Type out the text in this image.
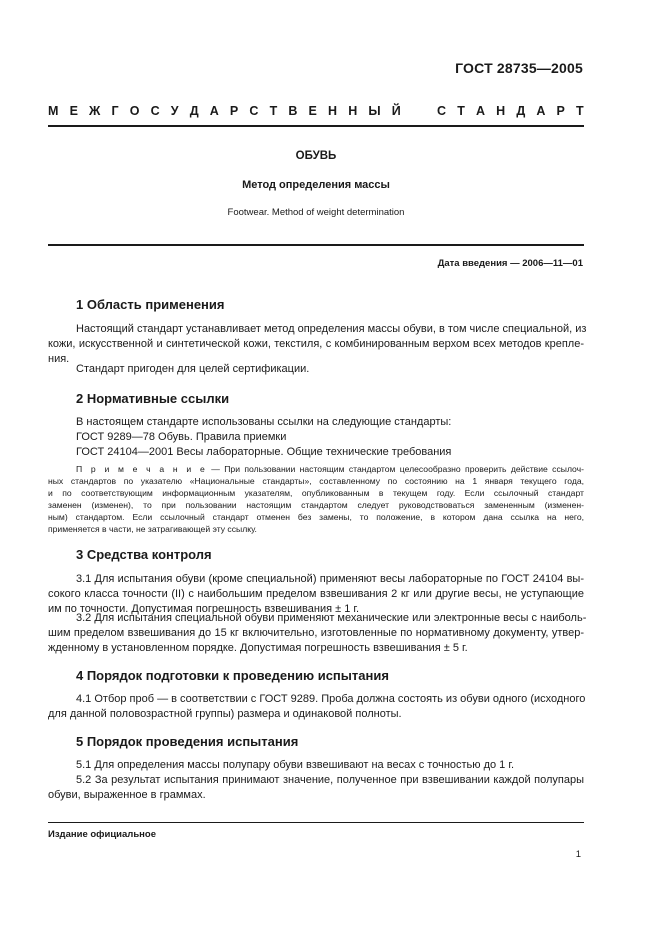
ГОСТ 28735—2005
М Е Ж Г О С У Д А Р С Т В Е Н Н Ы Й	С Т А Н Д А Р Т
ОБУВЬ
Метод определения массы
Footwear. Method of weight determination
Дата введения — 2006—11—01
1 Область применения
Настоящий стандарт устанавливает метод определения массы обуви, в том числе специальной, из
кожи, искусственной и синтетической кожи, текстиля, с комбинированным верхом всех методов крепле-
ния.
Стандарт пригоден для целей сертификации.
2 Нормативные ссылки
В настоящем стандарте использованы ссылки на следующие стандарты:
ГОСТ 9289—78 Обувь. Правила приемки
ГОСТ 24104—2001 Весы лабораторные. Общие технические требования
П р и м е ч а н и е — При пользовании настоящим стандартом целесообразно проверить действие ссылоч-
ных стандартов по указателю «Национальные стандарты», составленному по состоянию на 1 января текущего года,
и по соответствующим информационным указателям, опубликованным в текущем году. Если ссылочный стандарт
заменен (изменен), то при пользовании настоящим стандартом следует руководствоваться замененным (изменен-
ным) стандартом. Если ссылочный стандарт отменен без замены, то положение, в котором дана ссылка на него,
применяется в части, не затрагивающей эту ссылку.
3 Средства контроля
3.1 Для испытания обуви (кроме специальной) применяют весы лабораторные по ГОСТ 24104 вы-
сокого класса точности (II) с наибольшим пределом взвешивания 2 кг или другие весы, не уступающие
им по точности. Допустимая погрешность взвешивания ± 1 г.
3.2 Для испытания специальной обуви применяют механические или электронные весы с наиболь-
шим пределом взвешивания до 15 кг включительно, изготовленные по нормативному документу, утвер-
жденному в установленном порядке. Допустимая погрешность взвешивания ± 5 г.
4 Порядок подготовки к проведению испытания
4.1 Отбор проб — в соответствии с ГОСТ 9289. Проба должна состоять из обуви одного (исходного
для данной половозрастной группы) размера и одинаковой полноты.
5 Порядок проведения испытания
5.1 Для определения массы полупару обуви взвешивают на весах с точностью до 1 г.
5.2 За результат испытания принимают значение, полученное при взвешивании каждой полупары
обуви, выраженное в граммах.
Издание официальное
1
